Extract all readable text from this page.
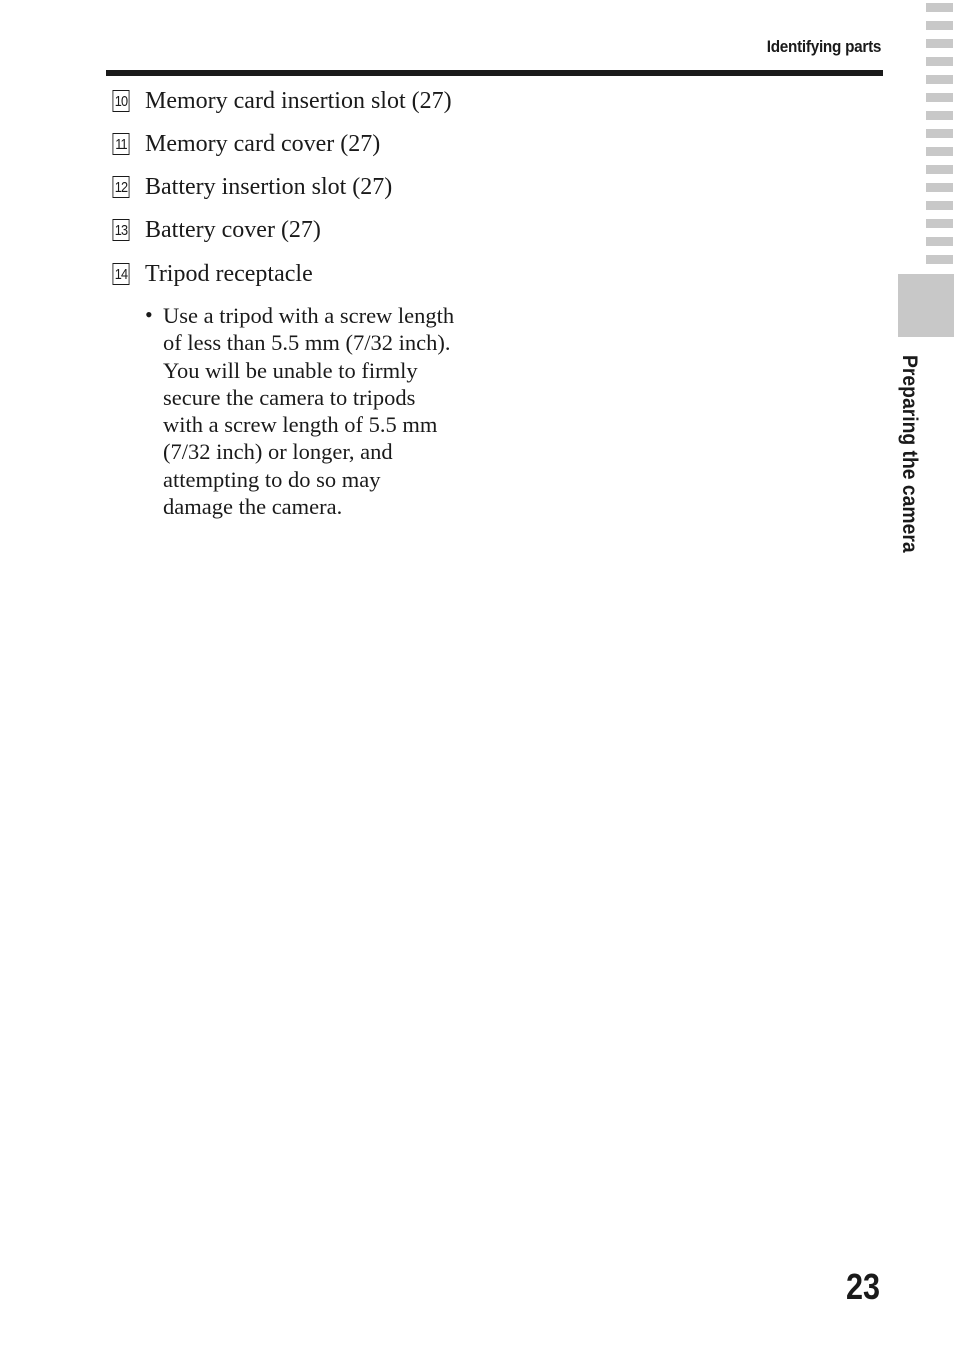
Identifying parts
10 Memory card insertion slot (27)
11 Memory card cover (27)
12 Battery insertion slot (27)
13 Battery cover (27)
14 Tripod receptacle
• Use a tripod with a screw length
of less than 5.5 mm (7/32 inch).
You will be unable to firmly
secure the camera to tripods
with a screw length of 5.5 mm
(7/32 inch) or longer, and
attempting to do so may
damage the camera.	Preparing the camera
23
